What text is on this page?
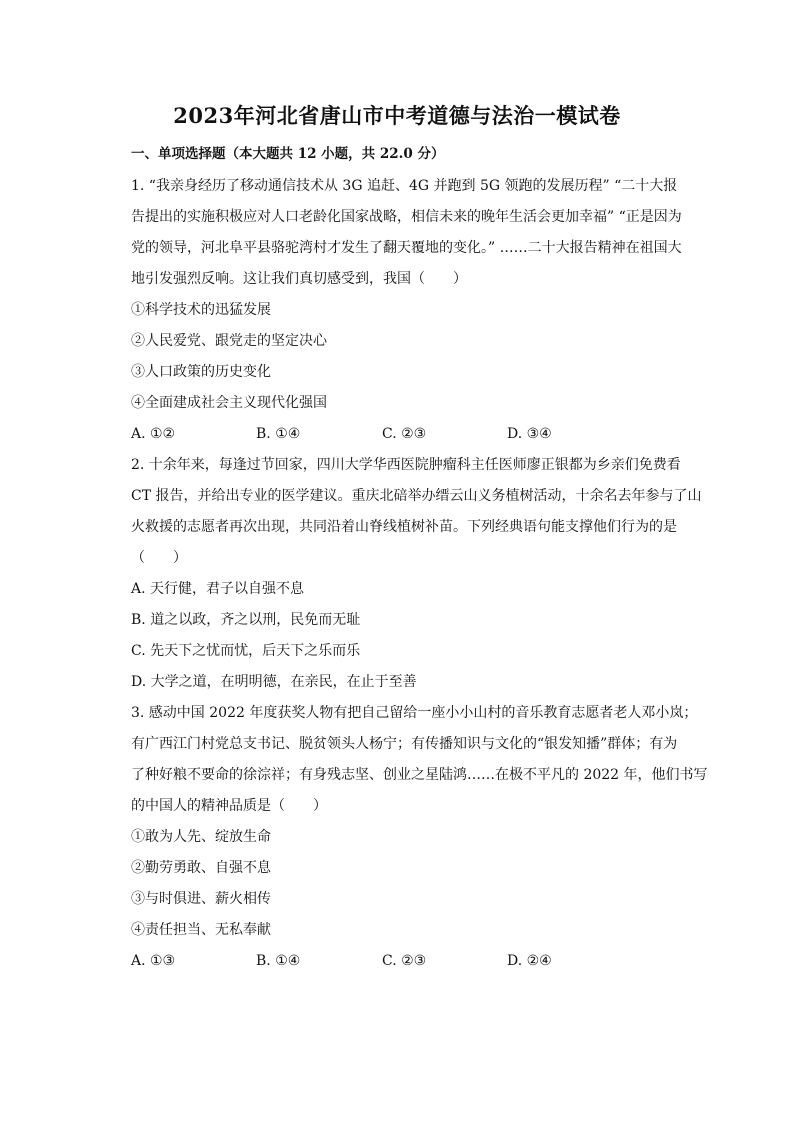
2023年河北省唐山市中考道德与法治一模试卷
一、单项选择题（本大题共 12 小题，共 22.0 分）
1. “我亲身经历了移动通信技术从 3G 追赶、4G 并跑到 5G 领跑的发展历程” “二十大报
告提出的实施积极应对人口老龄化国家战略，相信未来的晚年生活会更加幸福” “正是因为
党的领导，河北阜平县骆驼湾村才发生了翻天覆地的变化。” ……二十大报告精神在祖国大
地引发强烈反响。这让我们真切感受到，我国（　　）
①科学技术的迅猛发展
②人民爱党、跟党走的坚定决心
③人口政策的历史变化
④全面建成社会主义现代化强国
A. ①②	B. ①④	C. ②③	D. ③④
2. 十余年来，每逢过节回家，四川大学华西医院肿瘤科主任医师廖正银都为乡亲们免费看
CT 报告，并给出专业的医学建议。重庆北碚举办缙云山义务植树活动，十余名去年参与了山
火救援的志愿者再次出现，共同沿着山脊线植树补苗。下列经典语句能支撑他们行为的是
（　　）
A. 天行健，君子以自强不息
B. 道之以政，齐之以刑，民免而无耻
C. 先天下之忧而忧，后天下之乐而乐
D. 大学之道，在明明德，在亲民，在止于至善
3. 感动中国 2022 年度获奖人物有把自己留给一座小小山村的音乐教育志愿者老人邓小岚；
有广西江门村党总支书记、脱贫领头人杨宁；有传播知识与文化的“银发知播”群体；有为
了种好粮不要命的徐淙祥；有身残志坚、创业之星陆鸿……在极不平凡的 2022 年，他们书写
的中国人的精神品质是（　　）
①敢为人先、绽放生命
②勤劳勇敢、自强不息
③与时俱进、薪火相传
④责任担当、无私奉献
A. ①③	B. ①④	C. ②③	D. ②④
